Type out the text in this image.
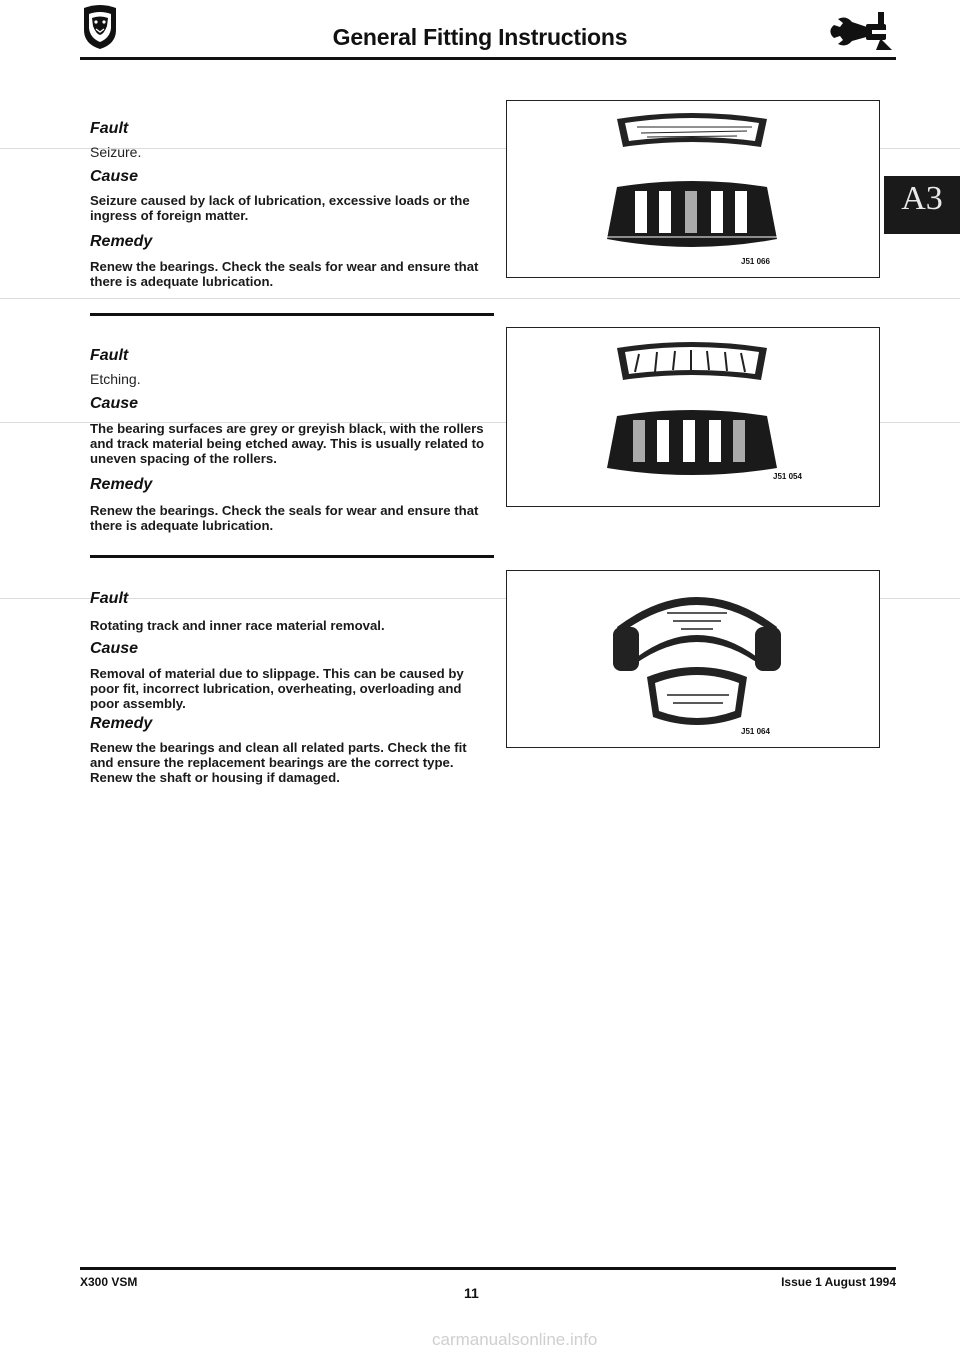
General Fitting Instructions
A3
Fault
Seizure.
Cause
Seizure caused by lack of lubrication, excessive loads or the ingress of foreign matter.
Remedy
Renew the bearings. Check the seals for wear and ensure that there is adequate lubrication.
J51 066
Fault
Etching.
Cause
The bearing surfaces are grey or greyish black, with the rollers and track material being etched away. This is usually related to uneven spacing of the rollers.
Remedy
Renew the bearings. Check the seals for wear and ensure that there is adequate lubrication.
J51 054
Fault
Rotating track and inner race material removal.
Cause
Removal of material due to slippage. This can be caused by poor fit, incorrect lubrication, overheating, overloading and poor assembly.
Remedy
Renew the bearings and clean all related parts. Check the fit and ensure the replacement bearings are the correct type. Renew the shaft or housing if damaged.
J51 064
X300 VSM
11
Issue 1 August 1994
carmanualsonline.info
